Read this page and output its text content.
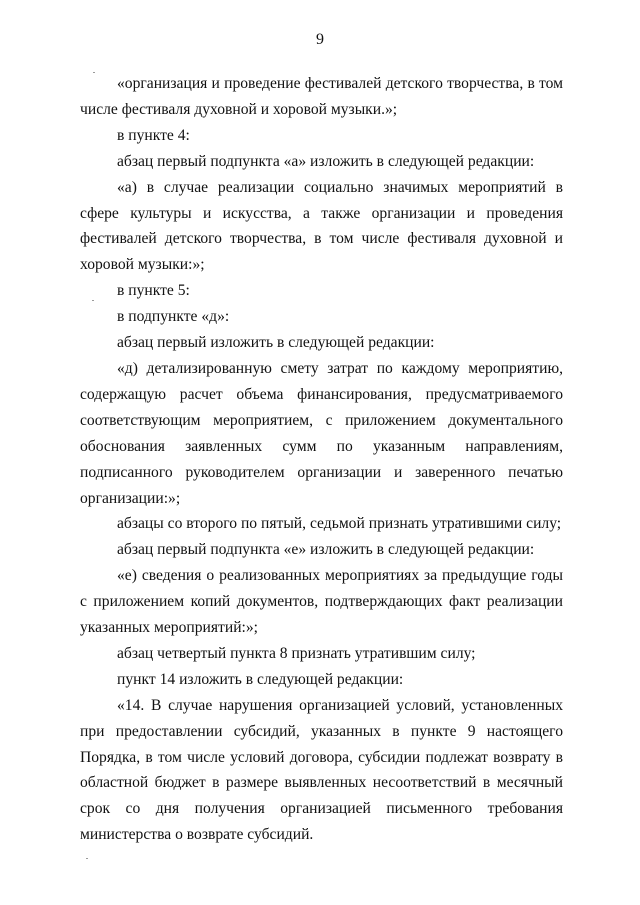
9

«организация и проведение фестивалей детского творчества, в том числе фестиваля духовной и хоровой музыки.»;

в пункте 4:

абзац первый подпункта «а» изложить в следующей редакции:

«а) в случае реализации социально значимых мероприятий в сфере культуры и искусства, а также организации и проведения фестивалей детского творчества, в том числе фестиваля духовной и хоровой музыки:»;

в пункте 5:

в подпункте «д»:

абзац первый изложить в следующей редакции:

«д) детализированную смету затрат по каждому мероприятию, содержащую расчет объема финансирования, предусматриваемого соответствующим мероприятием, с приложением документального обоснования заявленных сумм по указанным направлениям, подписанного руководителем организации и заверенного печатью организации:»;

абзацы со второго по пятый, седьмой признать утратившими силу;

абзац первый подпункта «е» изложить в следующей редакции:

«е) сведения о реализованных мероприятиях за предыдущие годы с приложением копий документов, подтверждающих факт реализации указанных мероприятий:»;

абзац четвертый пункта 8 признать утратившим силу;

пункт 14 изложить в следующей редакции:

«14. В случае нарушения организацией условий, установленных при предоставлении субсидий, указанных в пункте 9 настоящего Порядка, в том числе условий договора, субсидии подлежат возврату в областной бюджет в размере выявленных несоответствий в месячный срок со дня получения организацией письменного требования министерства о возврате субсидий.
